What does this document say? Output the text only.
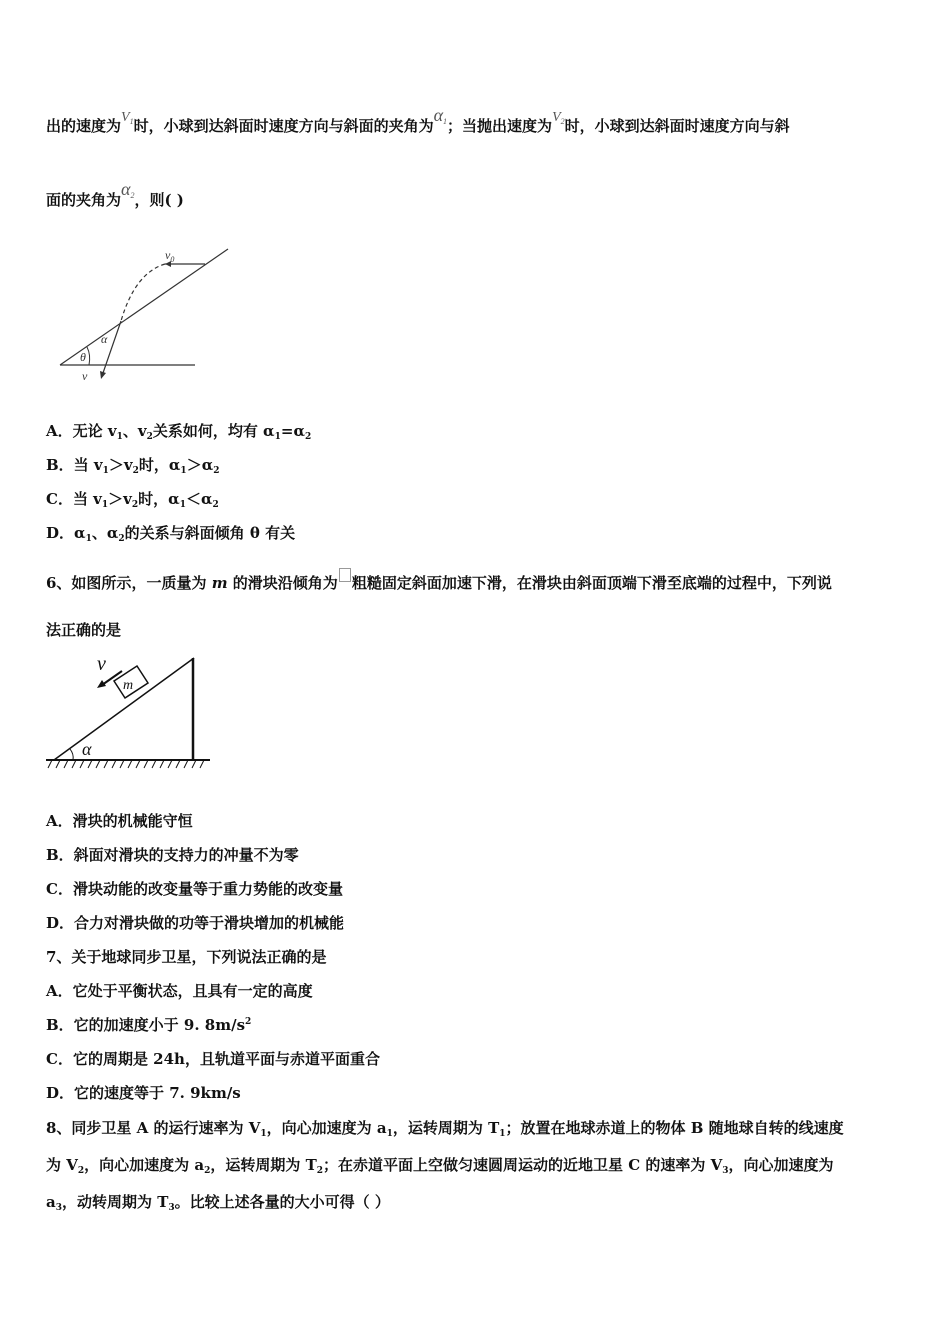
出的速度为$V_1$时，小球到达斜面时速度方向与斜面的夹角为$\alpha_1$；当抛出速度为$V_2$时，小球到达斜面时速度方向与斜
面的夹角为$\alpha_2$，则( )
$v_0$
α
θ
v
A．无论 $v_1$、$v_2$关系如何，均有 $\alpha_1=\alpha_2$
B．当 $v_1>v_2$时，$\alpha_1>\alpha_2$
C．当 $v_1>v_2$时，$\alpha_1<\alpha_2$
D．$\alpha_1$、$\alpha_2$的关系与斜面倾角 θ 有关
6、如图所示，一质量为 m 的滑块沿倾角为 粗糙固定斜面加速下滑，在滑块由斜面顶端下滑至底端的过程中，下列说
法正确的是
m
v
α
A．滑块的机械能守恒
B．斜面对滑块的支持力的冲量不为零
C．滑块动能的改变量等于重力势能的改变量
D．合力对滑块做的功等于滑块增加的机械能
7、关于地球同步卫星，下列说法正确的是
A．它处于平衡状态，且具有一定的高度
B．它的加速度小于 9. $8m/s^2$
C．它的周期是 24h，且轨道平面与赤道平面重合
D．它的速度等于 7. 9km/s
8、同步卫星 A 的运行速率为 $V_1$，向心加速度为 $a_1$，运转周期为 $T_1$；放置在地球赤道上的物体 B 随地球自转的线速度
为 $V_2$，向心加速度为 $a_2$，运转周期为 $T_2$；在赤道平面上空做匀速圆周运动的近地卫星 C 的速率为 $V_3$，向心加速度为
$a_3$，动转周期为 $T_3$。比较上述各量的大小可得（ ）
